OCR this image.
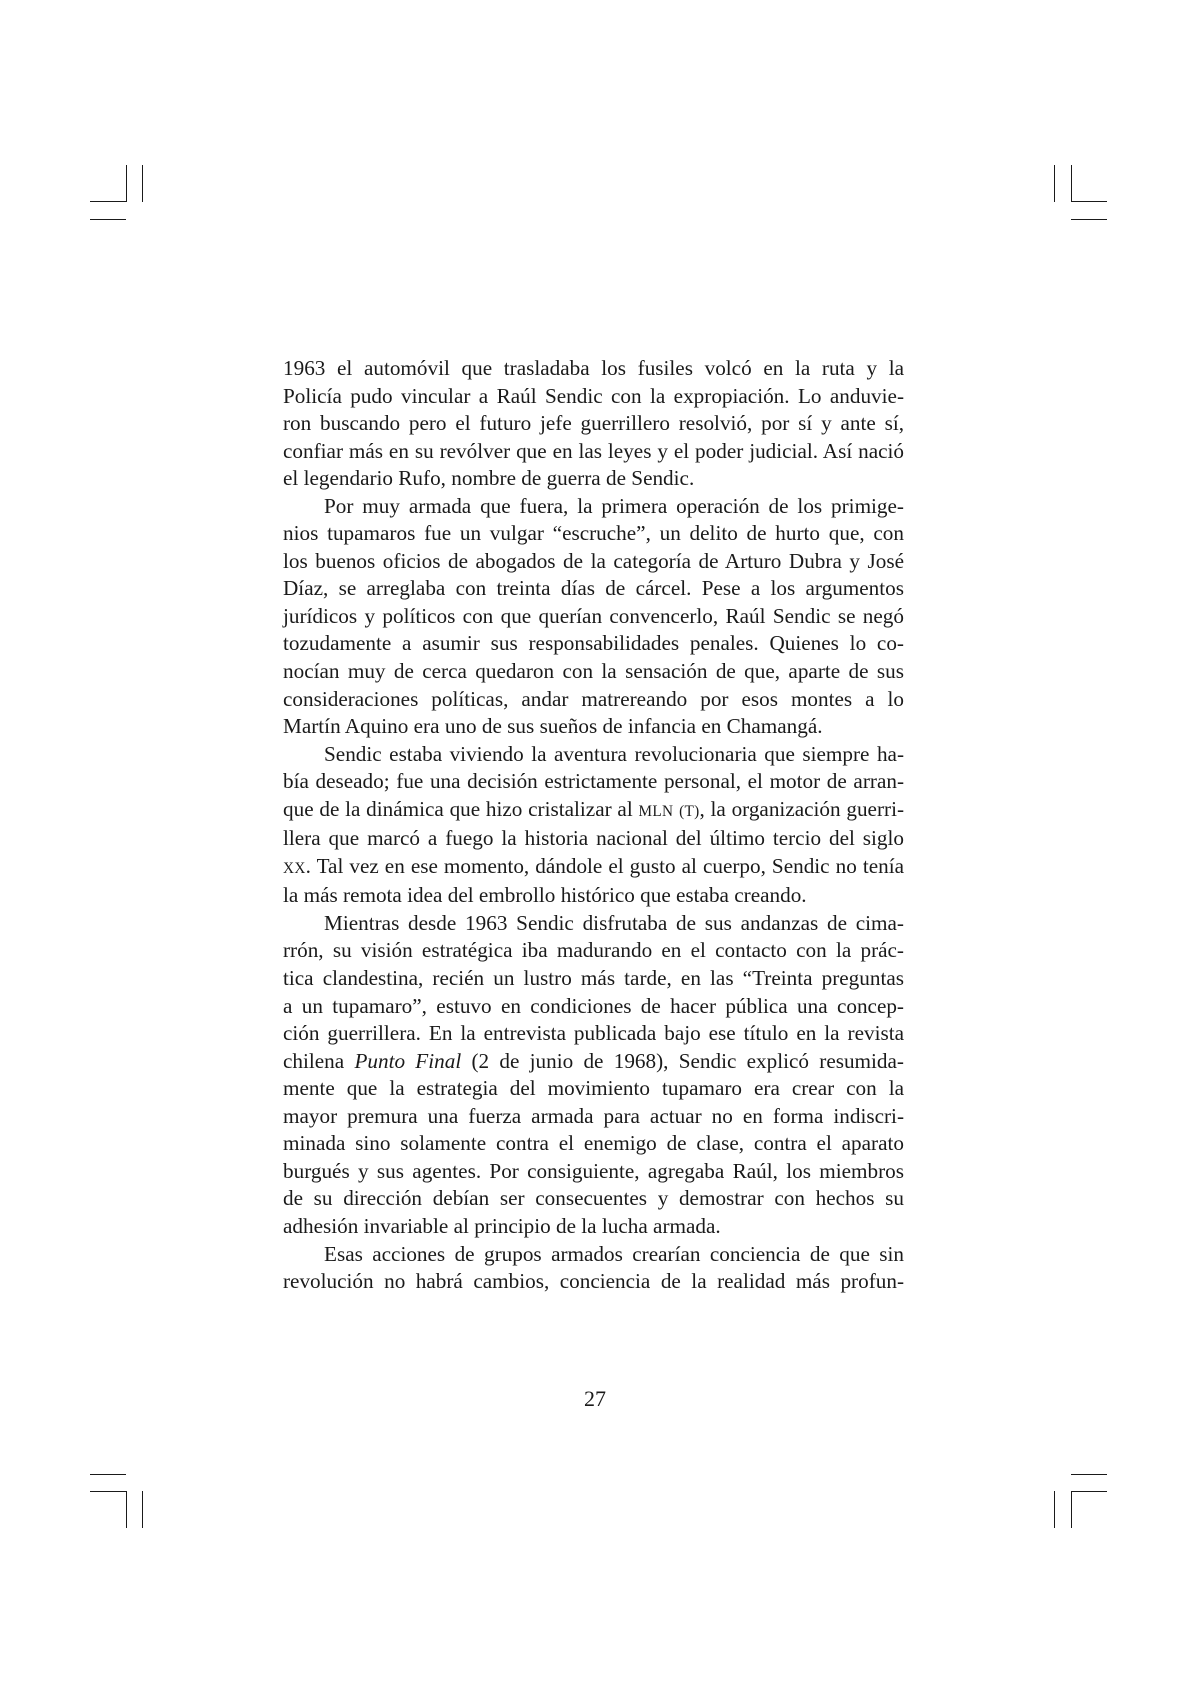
1963 el automóvil que trasladaba los fusiles volcó en la ruta y la
Policía pudo vincular a Raúl Sendic con la expropiación. Lo anduvie-
ron buscando pero el futuro jefe guerrillero resolvió, por sí y ante sí,
confiar más en su revólver que en las leyes y el poder judicial. Así nació
el legendario Rufo, nombre de guerra de Sendic.
Por muy armada que fuera, la primera operación de los primige-
nios tupamaros fue un vulgar “escruche”, un delito de hurto que, con
los buenos oficios de abogados de la categoría de Arturo Dubra y José
Díaz, se arreglaba con treinta días de cárcel. Pese a los argumentos
jurídicos y políticos con que querían convencerlo, Raúl Sendic se negó
tozudamente a asumir sus responsabilidades penales. Quienes lo co-
nocían muy de cerca quedaron con la sensación de que, aparte de sus
consideraciones políticas, andar matrereando por esos montes a lo
Martín Aquino era uno de sus sueños de infancia en Chamangá.
Sendic estaba viviendo la aventura revolucionaria que siempre ha-
bía deseado; fue una decisión estrictamente personal, el motor de arran-
que de la dinámica que hizo cristalizar al MLN (T), la organización guerri-
llera que marcó a fuego la historia nacional del último tercio del siglo
XX. Tal vez en ese momento, dándole el gusto al cuerpo, Sendic no tenía
la más remota idea del embrollo histórico que estaba creando.
Mientras desde 1963 Sendic disfrutaba de sus andanzas de cima-
rrón, su visión estratégica iba madurando en el contacto con la prác-
tica clandestina, recién un lustro más tarde, en las “Treinta preguntas
a un tupamaro”, estuvo en condiciones de hacer pública una concep-
ción guerrillera. En la entrevista publicada bajo ese título en la revista
chilena Punto Final (2 de junio de 1968), Sendic explicó resumida-
mente que la estrategia del movimiento tupamaro era crear con la
mayor premura una fuerza armada para actuar no en forma indiscri-
minada sino solamente contra el enemigo de clase, contra el aparato
burgués y sus agentes. Por consiguiente, agregaba Raúl, los miembros
de su dirección debían ser consecuentes y demostrar con hechos su
adhesión invariable al principio de la lucha armada.
Esas acciones de grupos armados crearían conciencia de que sin
revolución no habrá cambios, conciencia de la realidad más profun-
27
